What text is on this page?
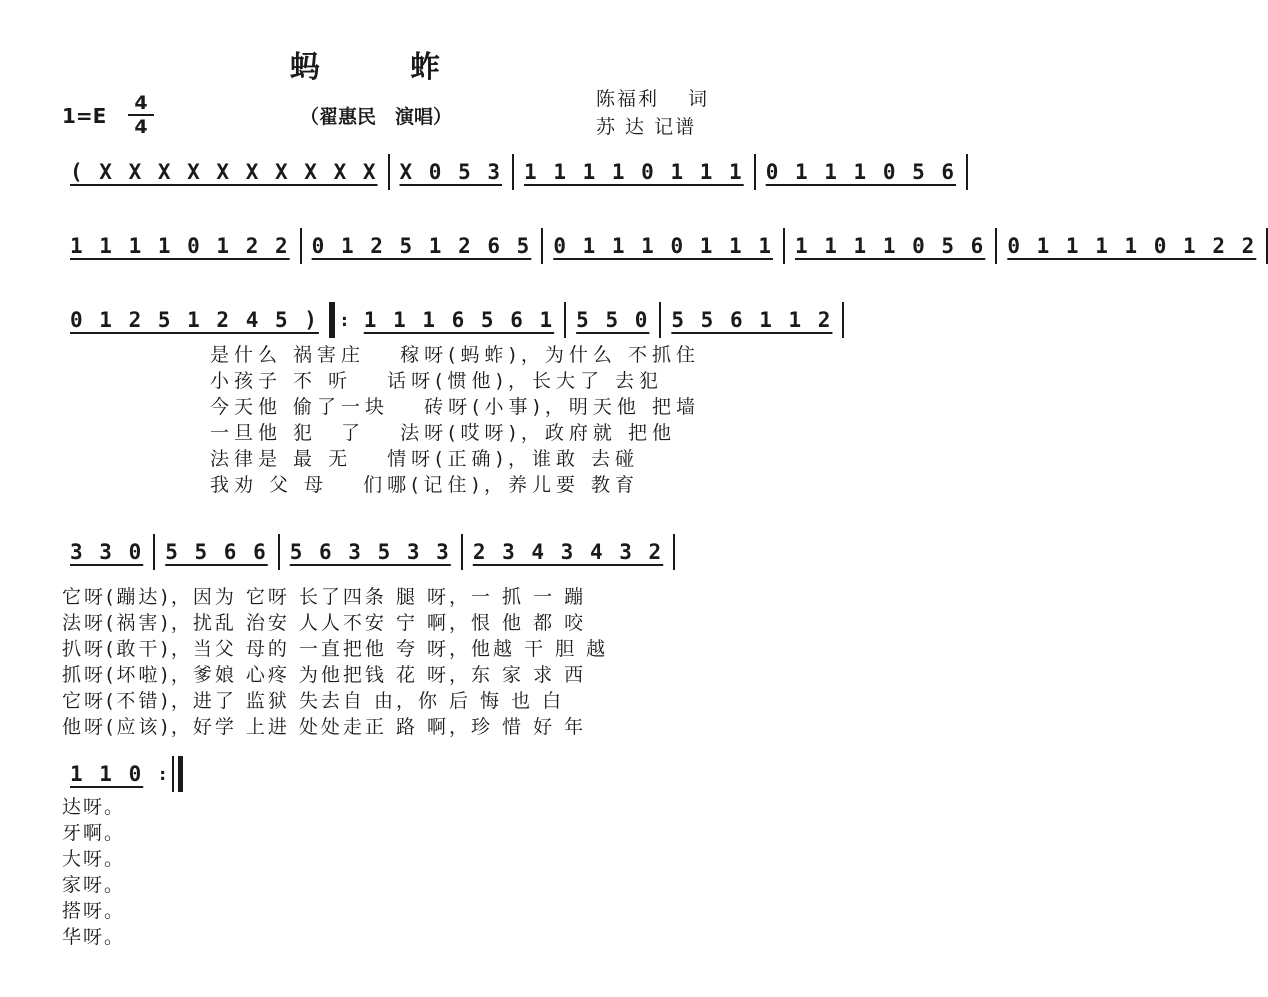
蚂 蚱
1=E
4
4	（翟惠民　演唱）
陈福利　 词
苏 达 记谱
( X X X X X X X X X X	X 0 5 3	1 1 1 1 0 1 1 1	0 1 1 1 0 5 6
1 1 1 1 0 1 2 2	0 1 2 5 1 2 6 5	0 1 1 1 0 1 1 1	1 1 1 1 0 5 6	0 1 1 1 1 0 1 2 2
0 1 2 5 1 2 4 5 )	: 1 1 1 6 5 6 1	5 5 0	5 5 6 1 1 2
是什么 祸害庄　 稼呀(蚂蚱)，为什么 不抓住
小孩子 不 听　 话呀(惯他)，长大了 去犯
今天他 偷了一块　 砖呀(小事)，明天他 把墙
一旦他 犯　了　 法呀(哎呀)，政府就 把他
法律是 最 无　 情呀(正确)，谁敢 去碰
我劝 父 母　 们哪(记住)，养儿要 教育
3 3 0	5 5 6 6	5 6 3 5 3 3	2 3 4 3 4 3 2
它呀(蹦达)，因为 它呀 长了四条 腿 呀，一 抓 一 蹦
法呀(祸害)，扰乱 治安 人人不安 宁 啊，恨 他 都 咬
扒呀(敢干)，当父 母的 一直把他 夸 呀，他越 干 胆 越
抓呀(坏啦)，爹娘 心疼 为他把钱 花 呀，东 家 求 西
它呀(不错)，进了 监狱 失去自 由，你 后 悔 也 白
他呀(应该)，好学 上进 处处走正 路 啊，珍 惜 好 年
1 1 0 :
达呀。
牙啊。
大呀。
家呀。
搭呀。
华呀。
